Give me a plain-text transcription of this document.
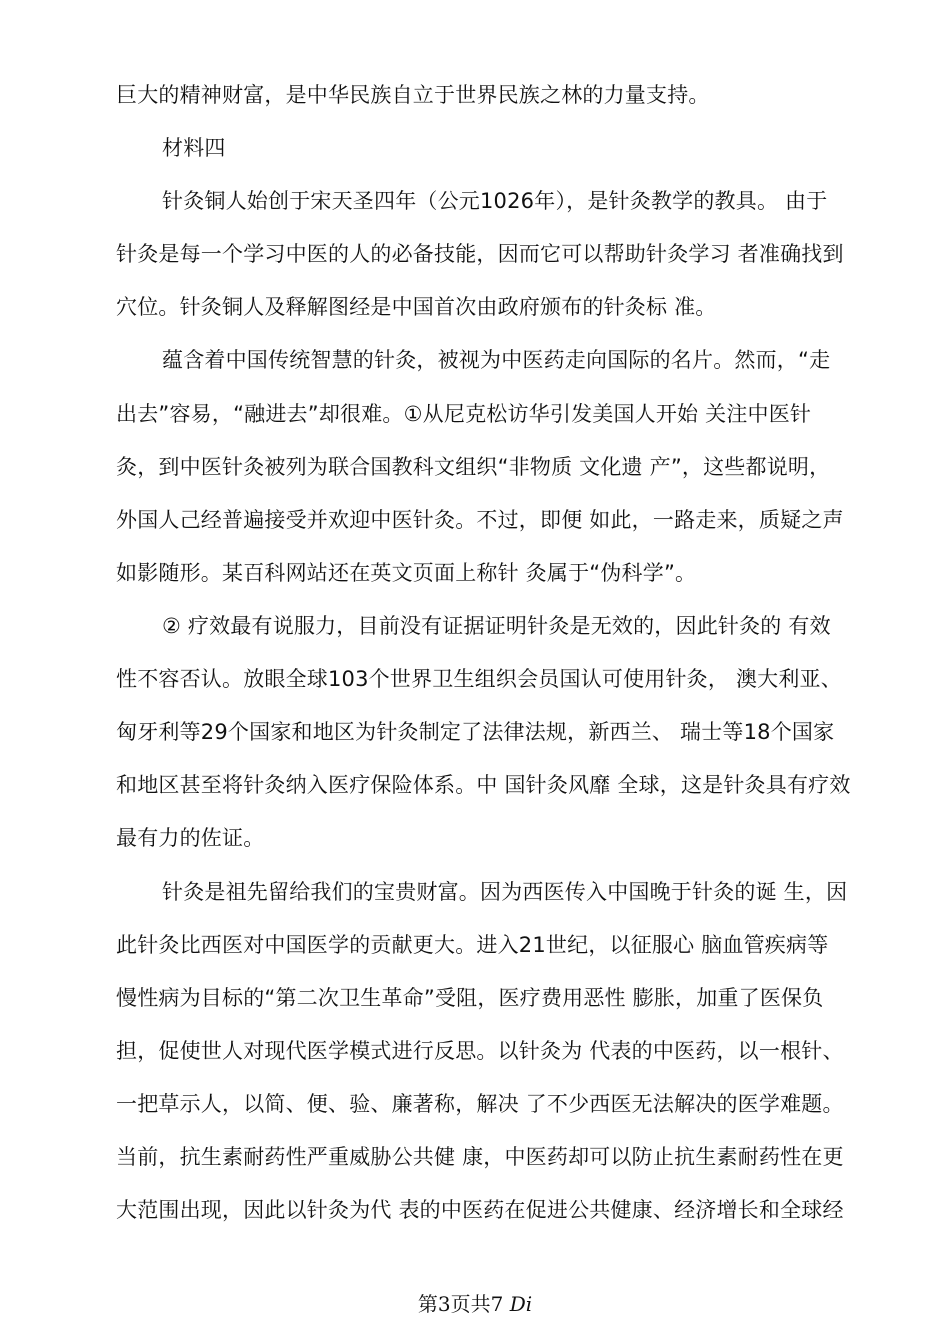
巨大的精神财富，是中华民族自立于世界民族之林的力量支持。
材料四
针灸铜人始创于宋天圣四年（公元1026年），是针灸教学的教具。 由于
针灸是每一个学习中医的人的必备技能，因而它可以帮助针灸学习 者准确找到
穴位。针灸铜人及释解图经是中国首次由政府颁布的针灸标 准。
蕴含着中国传统智慧的针灸，被视为中医药走向国际的名片。然而，“走
出去”容易，“融进去”却很难。①从尼克松访华引发美国人开始 关注中医针
灸，到中医针灸被列为联合国教科文组织“非物质 文化遗 产”，这些都说明，
外国人己经普遍接受并欢迎中医针灸。不过，即便 如此，一路走来，质疑之声
如影随形。某百科网站还在英文页面上称针 灸属于“伪科学”。
② 疗效最有说服力，目前没有证据证明针灸是无效的，因此针灸的 有效
性不容否认。放眼全球103个世界卫生组织会员国认可使用针灸， 澳大利亚、
匈牙利等29个国家和地区为针灸制定了法律法规，新西兰、 瑞士等18个国家
和地区甚至将针灸纳入医疗保险体系。中 国针灸风靡 全球，这是针灸具有疗效
最有力的佐证。
针灸是祖先留给我们的宝贵财富。因为西医传入中国晚于针灸的诞 生，因
此针灸比西医对中国医学的贡献更大。进入21世纪，以征服心 脑血管疾病等
慢性病为目标的“第二次卫生革命”受阻，医疗费用恶性 膨胀，加重了医保负
担，促使世人对现代医学模式进行反思。以针灸为 代表的中医药，以一根针、
一把草示人，以简、便、验、廉著称，解决 了不少西医无法解决的医学难题。
当前，抗生素耐药性严重威胁公共健 康，中医药却可以防止抗生素耐药性在更
大范围出现，因此以针灸为代 表的中医药在促进公共健康、经济增长和全球经
第3页共7 Di
